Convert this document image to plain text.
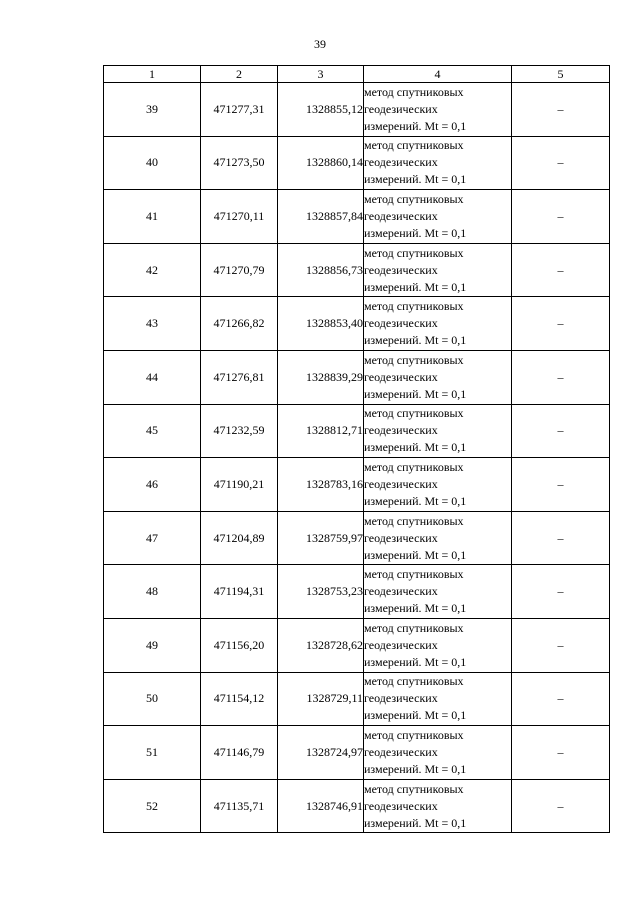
39
1	2	3	4	5
39	471277,31	1328855,12	метод спутниковых
геодезических
измерений. Mt = 0,1	–
40	471273,50	1328860,14	метод спутниковых
геодезических
измерений. Mt = 0,1	–
41	471270,11	1328857,84	метод спутниковых
геодезических
измерений. Mt = 0,1	–
42	471270,79	1328856,73	метод спутниковых
геодезических
измерений. Mt = 0,1	–
43	471266,82	1328853,40	метод спутниковых
геодезических
измерений. Mt = 0,1	–
44	471276,81	1328839,29	метод спутниковых
геодезических
измерений. Mt = 0,1	–
45	471232,59	1328812,71	метод спутниковых
геодезических
измерений. Mt = 0,1	–
46	471190,21	1328783,16	метод спутниковых
геодезических
измерений. Mt = 0,1	–
47	471204,89	1328759,97	метод спутниковых
геодезических
измерений. Mt = 0,1	–
48	471194,31	1328753,23	метод спутниковых
геодезических
измерений. Mt = 0,1	–
49	471156,20	1328728,62	метод спутниковых
геодезических
измерений. Mt = 0,1	–
50	471154,12	1328729,11	метод спутниковых
геодезических
измерений. Mt = 0,1	–
51	471146,79	1328724,97	метод спутниковых
геодезических
измерений. Mt = 0,1	–
52	471135,71	1328746,91	метод спутниковых
геодезических
измерений. Mt = 0,1	–
